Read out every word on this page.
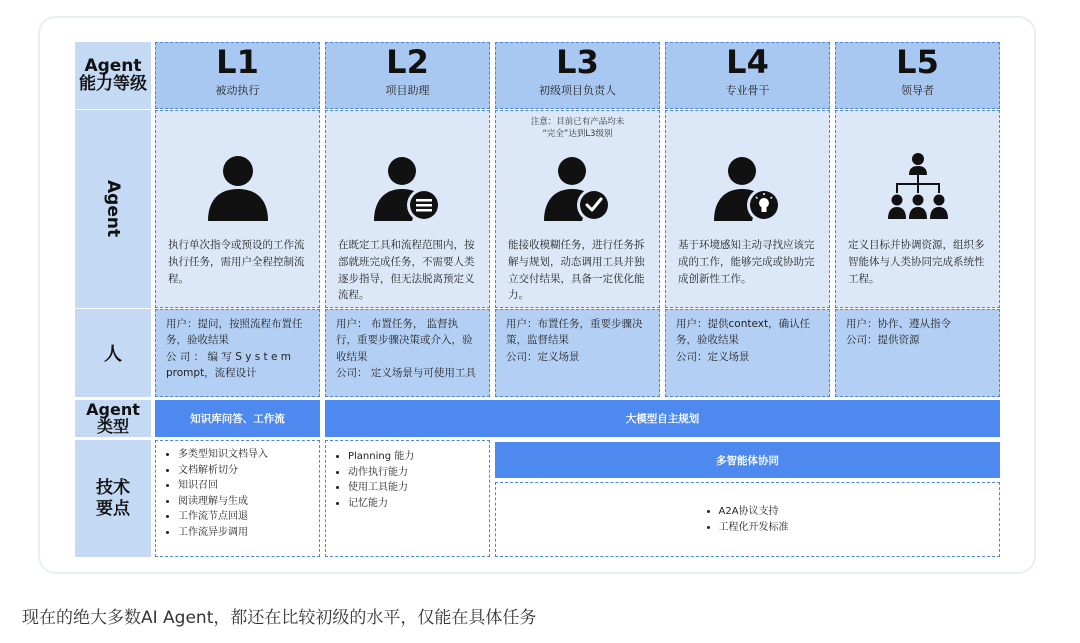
Agent
能力等级
Agent
人
Agent
类型
技术
要点
L1
被动执行
L2
项目助理
L3
初级项目负责人
L4
专业骨干
L5
领导者
执行单次指令或预设的工作流执行任务，需用户全程控制流程。
在既定工具和流程范围内，按部就班完成任务，不需要人类逐步指导，但无法脱离预定义流程。
注意：目前已有产品均未
“完全”达到L3级别
能接收模糊任务，进行任务拆解与规划，动态调用工具并独立交付结果，具备一定优化能力。
基于环境感知主动寻找应该完成的工作，能够完成或协助完成创新性工作。
定义目标并协调资源，组织多智能体与人类协同完成系统性工程。
用户：提问，按照流程布置任务，验收结果
公 司 ： 编 写 S y s t e m prompt，流程设计
用户： 布置任务， 监督执行，重要步骤决策或介入，验收结果
公司： 定义场景与可使用工具
用户：布置任务，重要步骤决策，监督结果
公司：定义场景
用户：提供context，确认任务，验收结果
公司：定义场景
用户：协作、遵从指令
公司：提供资源
知识库问答、工作流	大模型自主规划
• 多类型知识文档导入
• 文档解析切分
• 知识召回
• 阅读理解与生成
• 工作流节点回退
• 工作流异步调用
• Planning 能力
• 动作执行能力
• 使用工具能力
• 记忆能力
多智能体协同
• A2A协议支持
• 工程化开发标准
现在的绝大多数AI Agent，都还在比较初级的水平，仅能在具体任务
